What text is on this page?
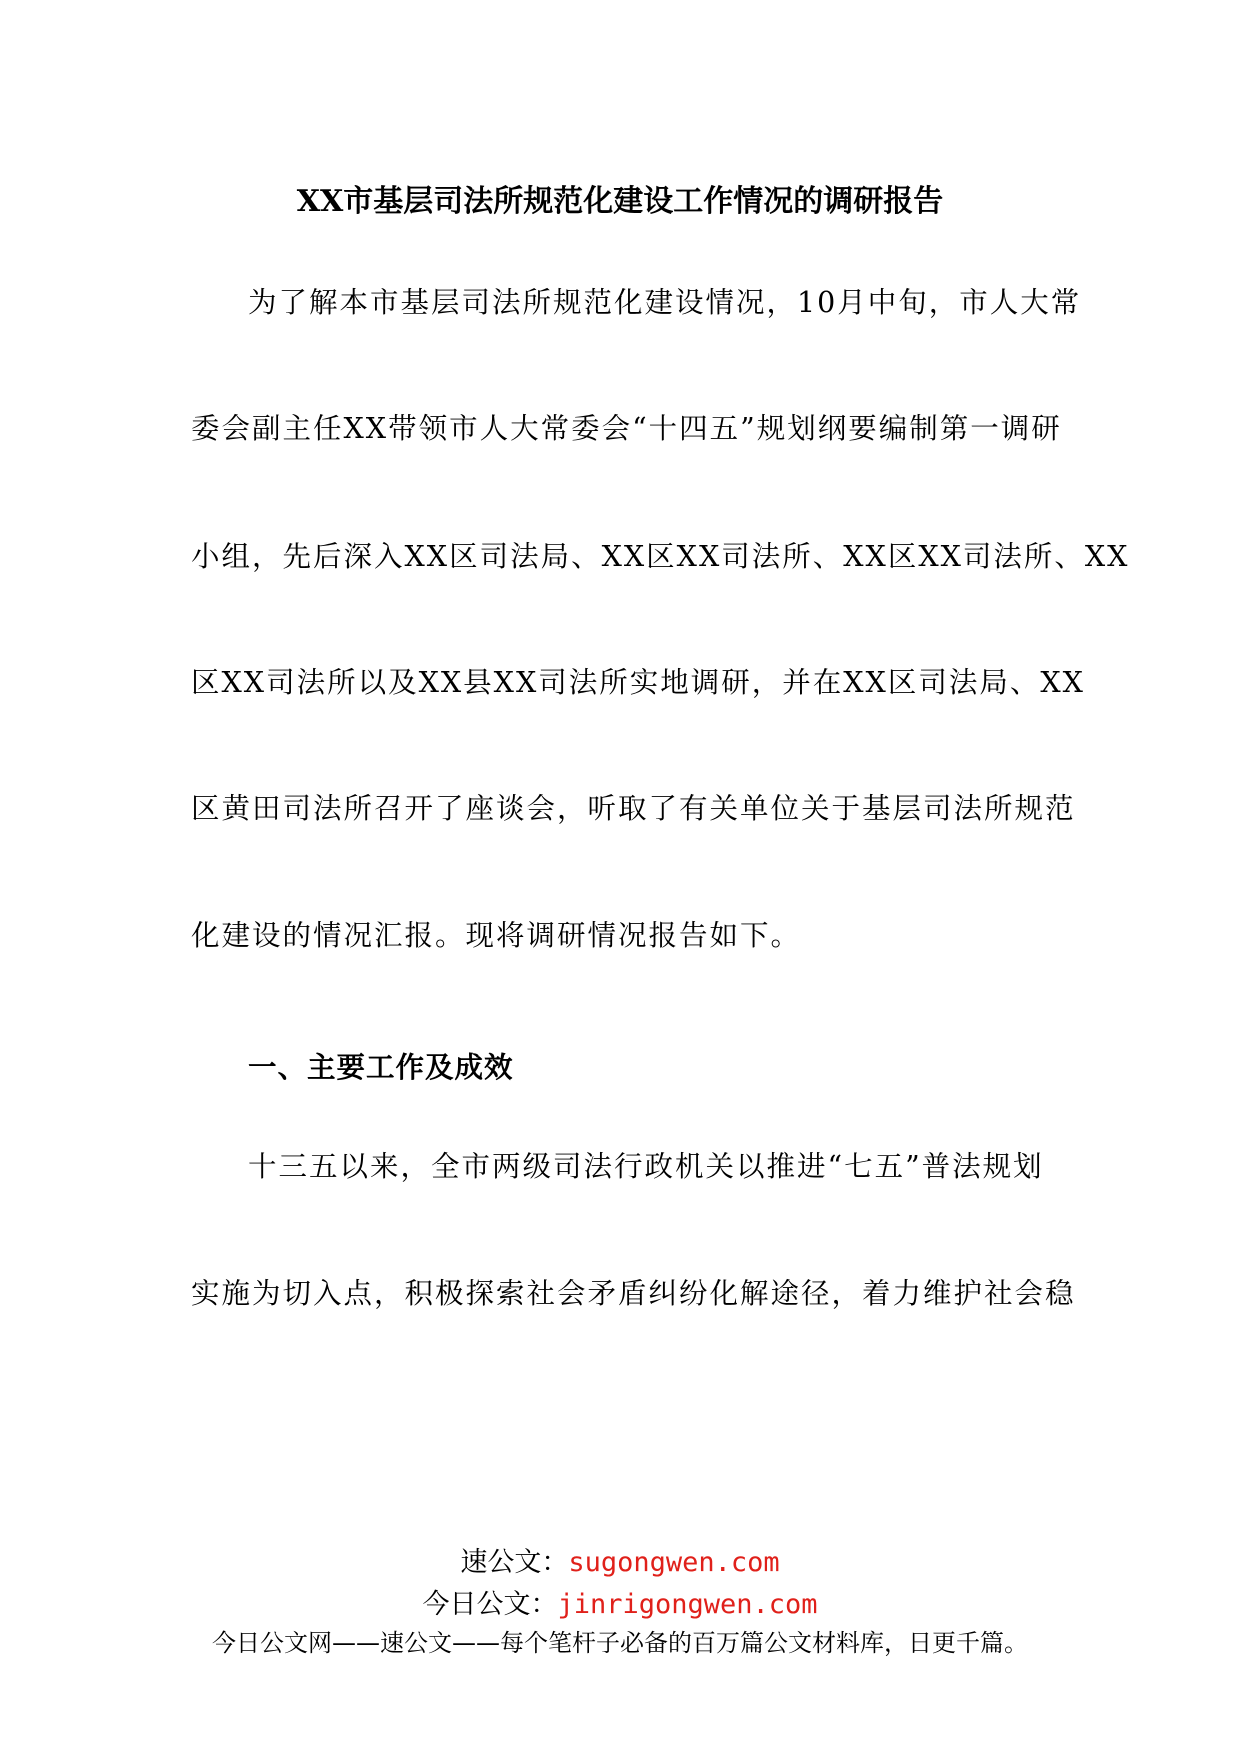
XX市基层司法所规范化建设工作情况的调研报告
为了解本市基层司法所规范化建设情况，10月中旬，市人大常
委会副主任XX带领市人大常委会“十四五”规划纲要编制第一调研
小组，先后深入XX区司法局、XX区XX司法所、XX区XX司法所、XX
区XX司法所以及XX县XX司法所实地调研，并在XX区司法局、XX
区黄田司法所召开了座谈会，听取了有关单位关于基层司法所规范
化建设的情况汇报。现将调研情况报告如下。
一、主要工作及成效
十三五以来，全市两级司法行政机关以推进“七五”普法规划
实施为切入点，积极探索社会矛盾纠纷化解途径，着力维护社会稳
速公文：sugongwen.com
今日公文：jinrigongwen.com
今日公文网——速公文——每个笔杆子必备的百万篇公文材料库，日更千篇。
